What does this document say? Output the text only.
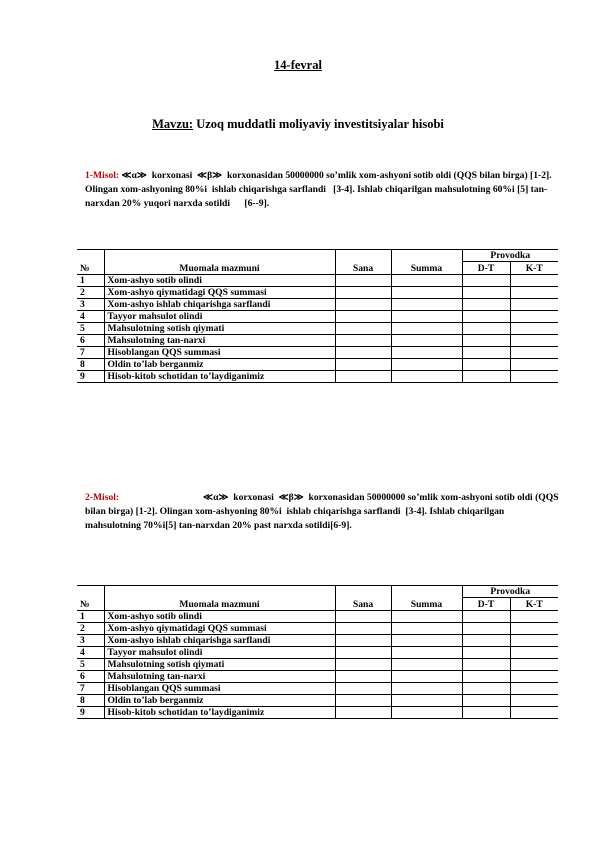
14-fevral
Mavzu: Uzoq muddatli moliyaviy investitsiyalar hisobi
1-Misol: ≪α≫  korxonasi  ≪β≫  korxonasidan 50000000 so’mlik xom-ashyoni sotib oldi (QQS bilan birga) [1-2]. Olingan xom-ashyoning 80%i  ishlab chiqarishga sarflandi   [3-4]. Ishlab chiqarilgan mahsulotning 60%i [5] tan-narxdan 20% yuqori narxda sotildi      [6--9].
				Provodka	
№	Muomala mazmuni	Sana	Summa	D-T	K-T
1	Xom-ashyo sotib olindi				
2	Xom-ashyo qiymatidagi QQS summasi				
3	Xom-ashyo ishlab chiqarishga sarflandi				
4	Tayyor mahsulot olindi				
5	Mahsulotning sotish qiymati				
6	Mahsulotning tan-narxi				
7	Hisoblangan QQS summasi				
8	Oldin to’lab berganmiz				
9	Hisob-kitob schotidan to’laydiganimiz				
2-Misol:                                   ≪α≫  korxonasi  ≪β≫  korxonasidan 50000000 so’mlik xom-ashyoni sotib oldi (QQS bilan birga) [1-2]. Olingan xom-ashyoning 80%i  ishlab chiqarishga sarflandi  [3-4]. Ishlab chiqarilgan mahsulotning 70%i[5] tan-narxdan 20% past narxda sotildi[6-9].
				Provodka	
№	Muomala mazmuni	Sana	Summa	D-T	K-T
1	Xom-ashyo sotib olindi				
2	Xom-ashyo qiymatidagi QQS summasi				
3	Xom-ashyo ishlab chiqarishga sarflandi				
4	Tayyor mahsulot olindi				
5	Mahsulotning sotish qiymati				
6	Mahsulotning tan-narxi				
7	Hisoblangan QQS summasi				
8	Oldin to’lab berganmiz				
9	Hisob-kitob schotidan to’laydiganimiz				
